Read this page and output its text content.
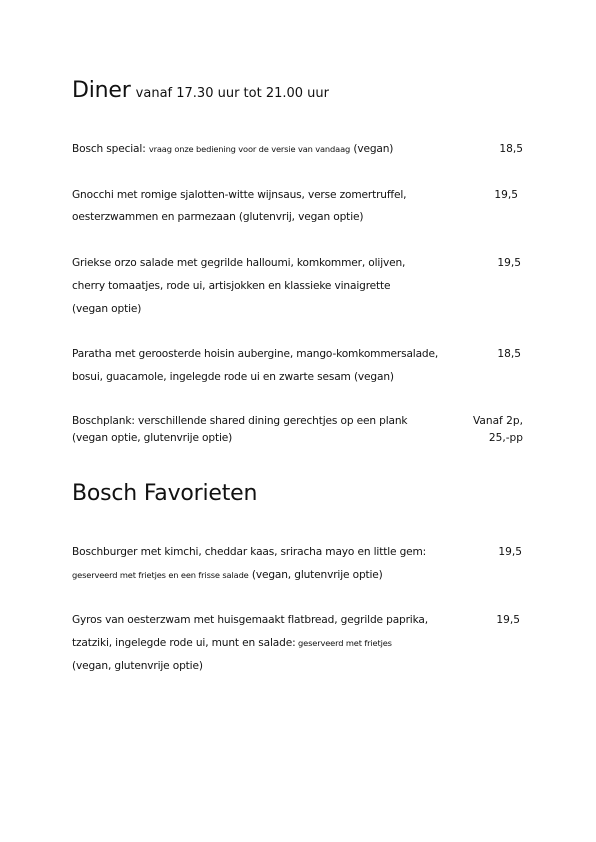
Diner vanaf 17.30 uur tot 21.00 uur

Bosch special: vraag onze bediening voor de versie van vandaag (vegan)	18,5

Gnocchi met romige sjalotten-witte wijnsaus, verse zomertruffel,

oesterzwammen en parmezaan (glutenvrij, vegan optie)

19,5

Griekse orzo salade met gegrilde halloumi, komkommer, olijven,

cherry tomaatjes, rode ui, artisjokken en klassieke vinaigrette

(vegan optie)

19,5

Paratha met geroosterde hoisin aubergine, mango-komkommersalade,

bosui, guacamole, ingelegde rode ui en zwarte sesam (vegan)

18,5

Boschplank: verschillende shared dining gerechtjes op een plank

(vegan optie, glutenvrije optie)

Vanaf 2p,

25,-pp

Bosch Favorieten

Boschburger met kimchi, cheddar kaas, sriracha mayo en little gem:

geserveerd met frietjes en een frisse salade (vegan, glutenvrije optie)

19,5

Gyros van oesterzwam met huisgemaakt flatbread, gegrilde paprika,

tzatziki, ingelegde rode ui, munt en salade: geserveerd met frietjes

(vegan, glutenvrije optie)

19,5
